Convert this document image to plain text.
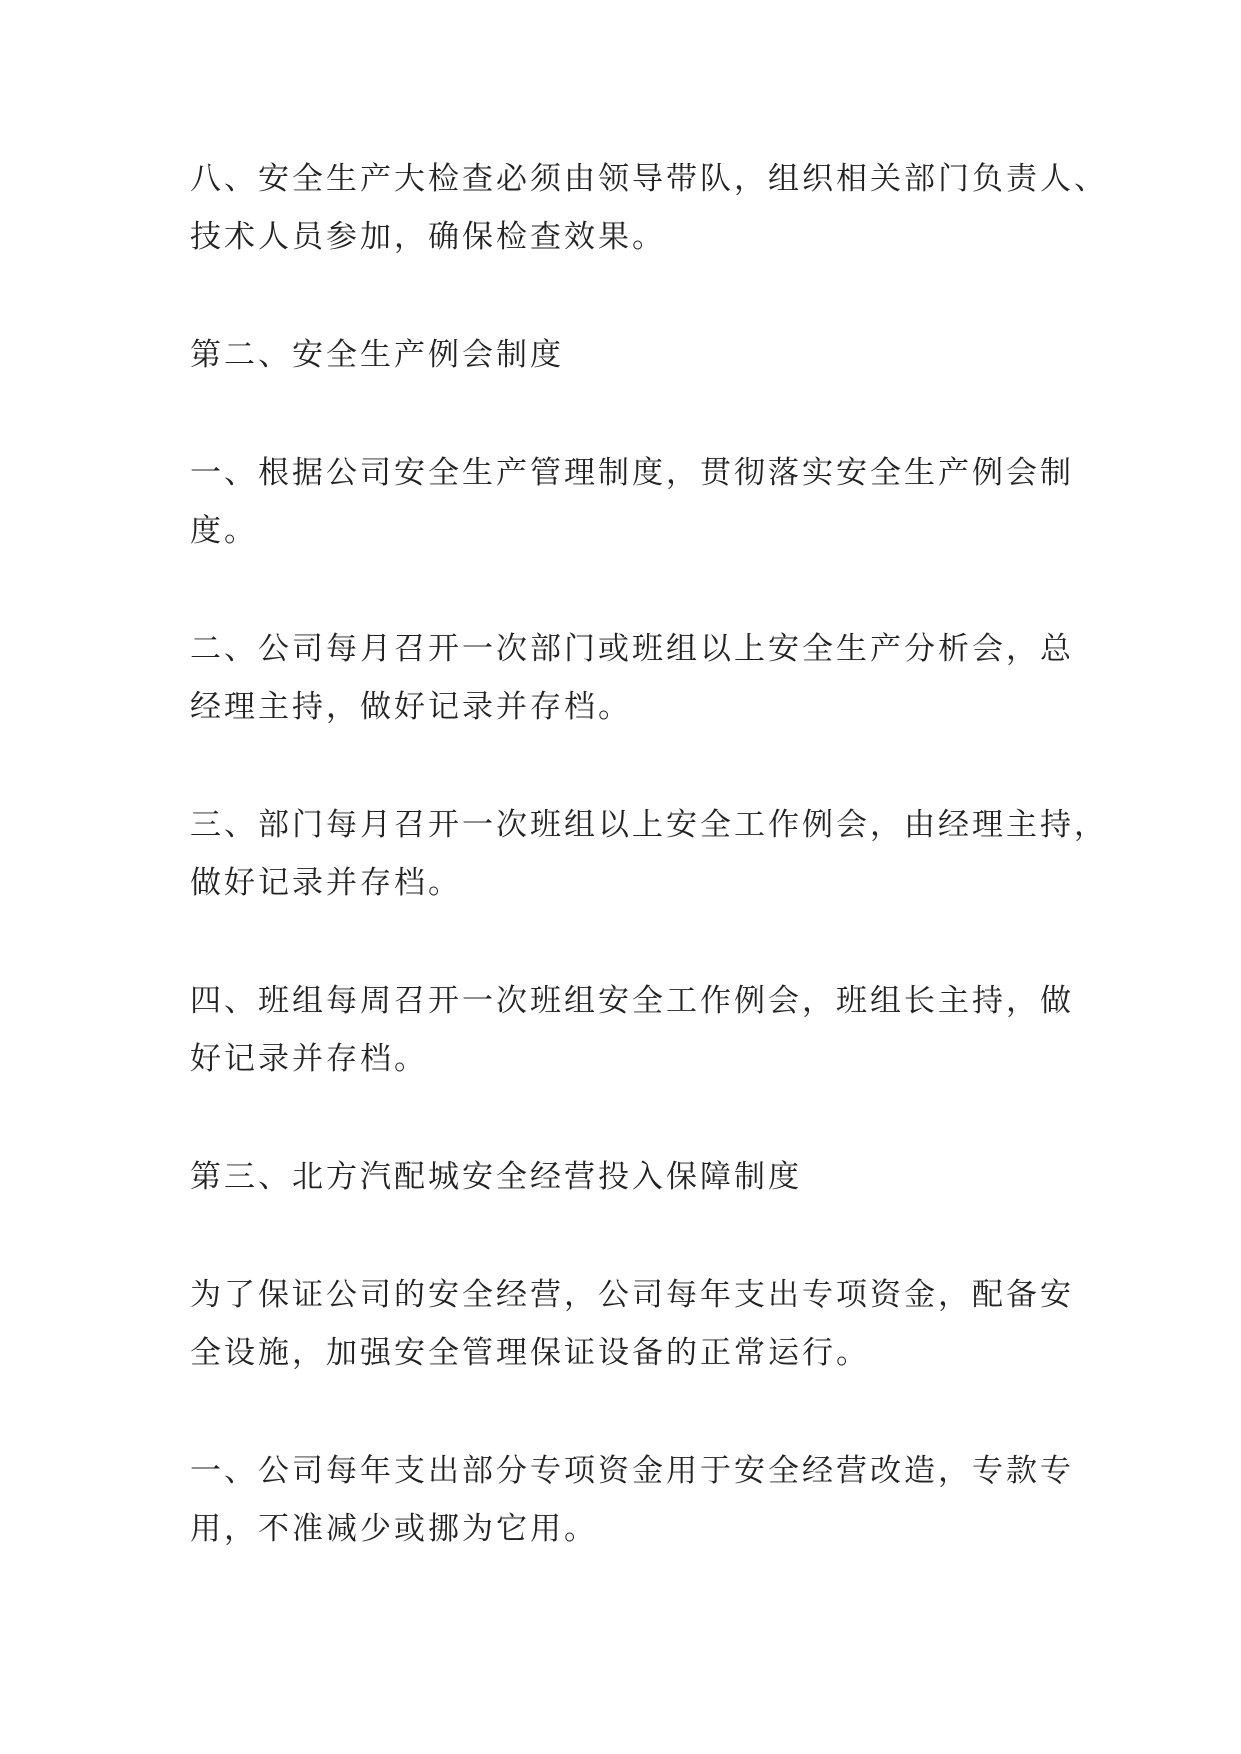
八、安全生产大检查必须由领导带队，组织相关部门负责人、
技术人员参加，确保检查效果。

第二、安全生产例会制度

一、根据公司安全生产管理制度，贯彻落实安全生产例会制
度。

二、公司每月召开一次部门或班组以上安全生产分析会，总
经理主持，做好记录并存档。

三、部门每月召开一次班组以上安全工作例会，由经理主持，
做好记录并存档。

四、班组每周召开一次班组安全工作例会，班组长主持，做
好记录并存档。

第三、北方汽配城安全经营投入保障制度

为了保证公司的安全经营，公司每年支出专项资金，配备安
全设施，加强安全管理保证设备的正常运行。

一、公司每年支出部分专项资金用于安全经营改造，专款专
用，不准减少或挪为它用。
